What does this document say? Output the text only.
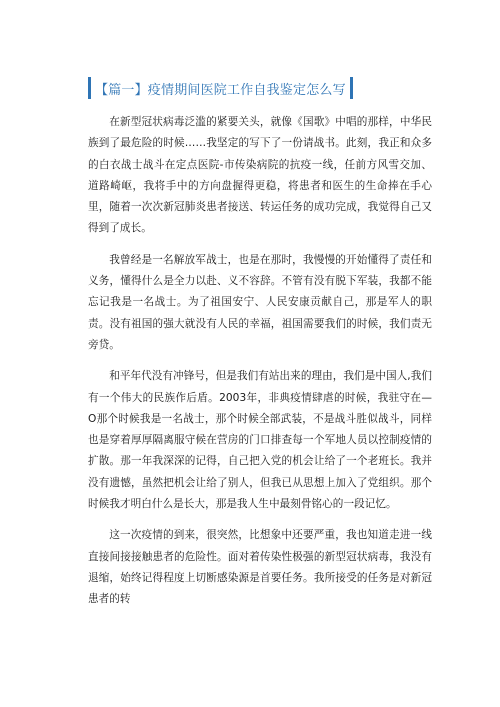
【篇一】疫情期间医院工作自我鉴定怎么写

在新型冠状病毒泛滥的紧要关头，就像《国歌》中唱的那样，中华民族到了最危险的时候……我坚定的写下了一份请战书。此刻，我正和众多的白衣战士战斗在定点医院-市传染病院的抗疫一线，任前方风雪交加、道路崎岖，我将手中的方向盘握得更稳，将患者和医生的生命捧在手心里，随着一次次新冠肺炎患者接送、转运任务的成功完成，我觉得自己又得到了成长。

我曾经是一名解放军战士，也是在那时，我慢慢的开始懂得了责任和义务，懂得什么是全力以赴、义不容辞。不管有没有脱下军装，我都不能忘记我是一名战士。为了祖国安宁、人民安康贡献自己，那是军人的职责。没有祖国的强大就没有人民的幸福，祖国需要我们的时候，我们责无旁贷。

和平年代没有冲锋号，但是我们有站出来的理由，我们是中国人,我们有一个伟大的民族作后盾。2003年，非典疫情肆虐的时候，我驻守在—O那个时候我是一名战士，那个时候全部武装，不是战斗胜似战斗，同样也是穿着厚厚隔离服守候在营房的门口排查每一个军地人员以控制疫情的扩散。那一年我深深的记得，自己把入党的机会让给了一个老班长。我并没有遗憾，虽然把机会让给了别人，但我已从思想上加入了党组织。那个时候我才明白什么是长大，那是我人生中最刻骨铭心的一段记忆。

这一次疫情的到来，很突然，比想象中还要严重，我也知道走进一线直接间接接触患者的危险性。面对着传染性极强的新型冠状病毒，我没有退缩，始终记得程度上切断感染源是首要任务。我所接受的任务是对新冠患者的转
